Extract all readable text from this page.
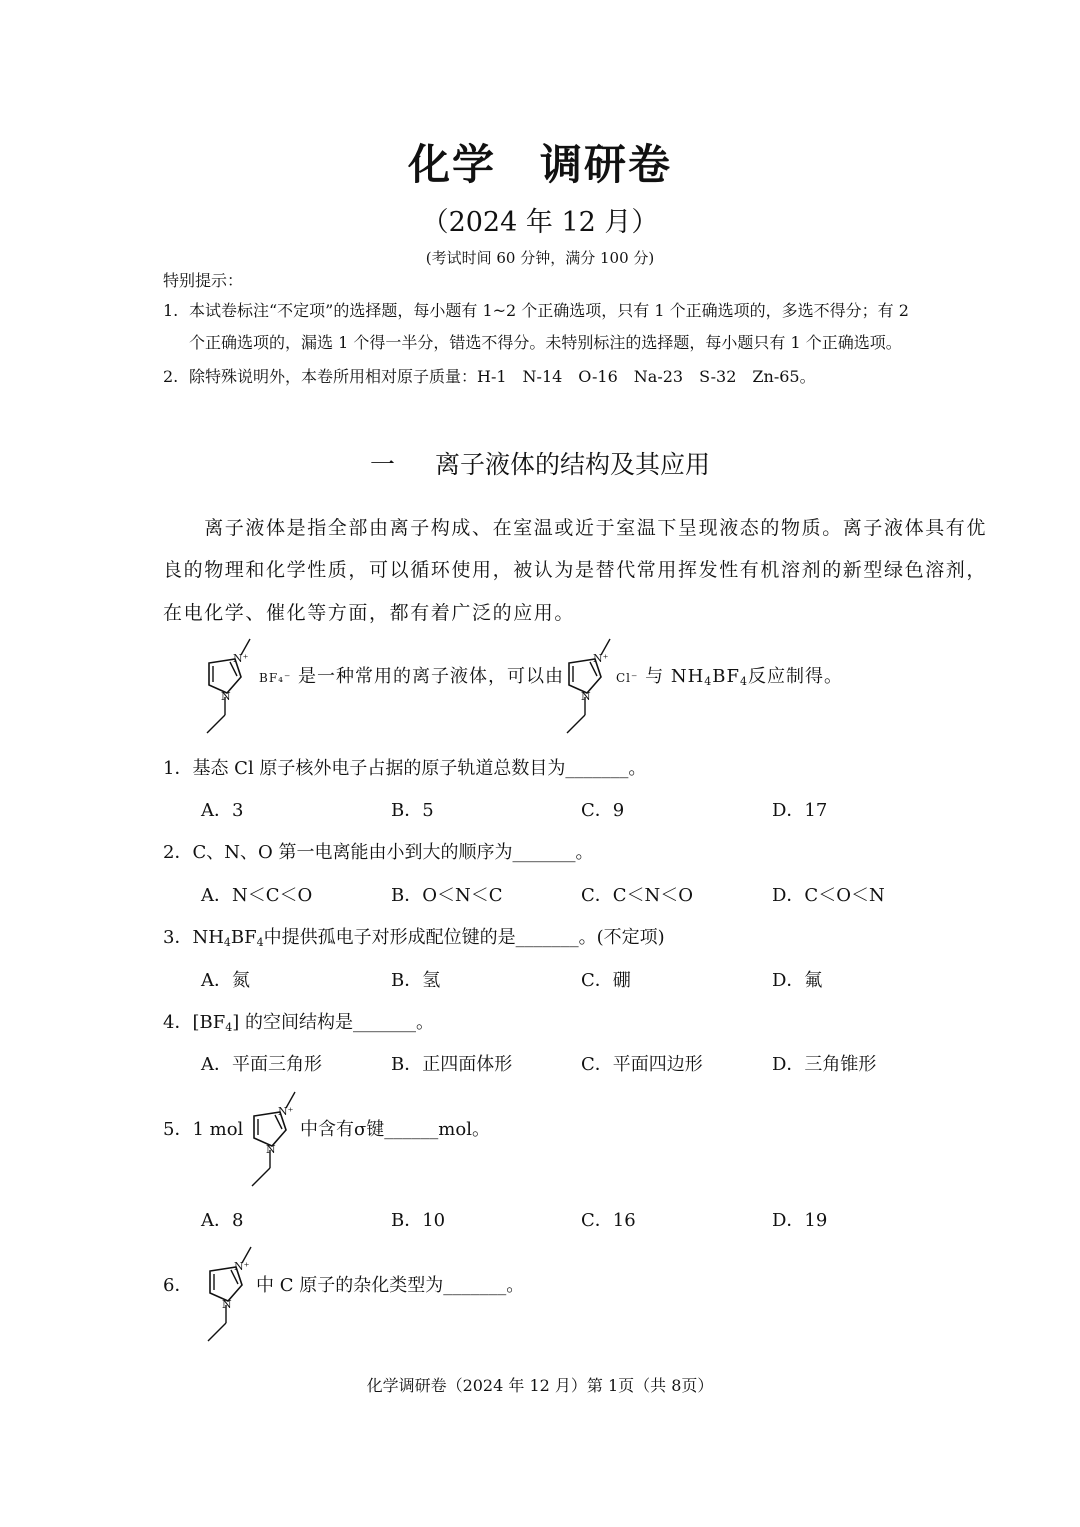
化学　调研卷
（2024 年 12 月）
(考试时间 60 分钟，满分 100 分)
特别提示：
1. 本试卷标注“不定项”的选择题，每小题有 1~2 个正确选项，只有 1 个正确选项的，多选不得分；有 2
个正确选项的，漏选 1 个得一半分，错选不得分。未特别标注的选择题，每小题只有 1 个正确选项。
2. 除特殊说明外，本卷所用相对原子质量：H-1　N-14　O-16　Na-23　S-32　Zn-65。
一 离子液体的结构及其应用
　　离子液体是指全部由离子构成、在室温或近于室温下呈现液态的物质。离子液体具有优
良的物理和化学性质，可以循环使用，被认为是替代常用挥发性有机溶剂的新型绿色溶剂，
在电化学、催化等方面，都有着广泛的应用。
N⁺
N
BF₄⁻ 是一种常用的离子液体，可以由
N⁺
N
Cl⁻ 与 $NH_4BF_4$反应制得。
1．基态 Cl 原子核外电子占据的原子轨道总数目为_______。
A．3	B．5	C．9	D．17
2．C、N、O 第一电离能由小到大的顺序为_______。
A．N＜C＜O	B．O＜N＜C	C．C＜N＜O	D．C＜O＜N
3．$NH_4BF_4$中提供孤电子对形成配位键的是_______。(不定项)
A．氮	B．氢	C．硼	D．氟
4．$[BF_4]$ 的空间结构是_______。
A．平面三角形	B．正四面体形	C．平面四边形	D．三角锥形
5．1 mol
N⁺
N
中含有σ键______mol。
A．8	B．10	C．16	D．19
6．
N⁺
N
中 C 原子的杂化类型为_______。
化学调研卷（2024 年 12 月）第 1页（共 8页）
